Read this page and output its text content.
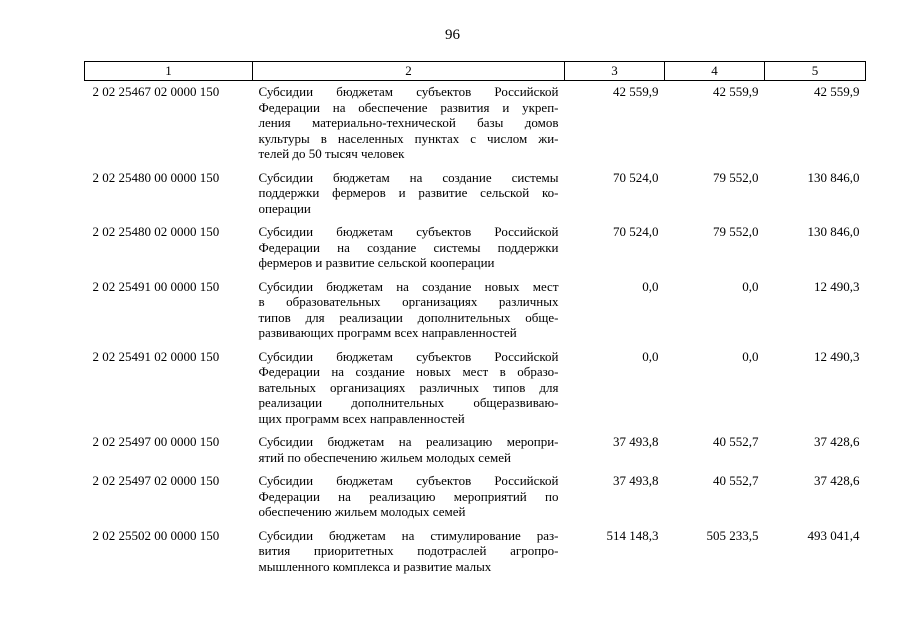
96
1	2	3	4	5
2 02 25467 02 0000 150	Субсидии бюджетам субъектов Российской
Федерации на обеспечение развития и укреп-
ления материально-технической базы домов
культуры в населенных пунктах с числом жи-
телей до 50 тысяч человек	42 559,9	42 559,9	42 559,9
2 02 25480 00 0000 150	Субсидии бюджетам на создание системы
поддержки фермеров и развитие сельской ко-
операции	70 524,0	79 552,0	130 846,0
2 02 25480 02 0000 150	Субсидии бюджетам субъектов Российской
Федерации на создание системы поддержки
фермеров и развитие сельской кооперации	70 524,0	79 552,0	130 846,0
2 02 25491 00 0000 150	Субсидии бюджетам на создание новых мест
в образовательных организациях различных
типов для реализации дополнительных обще-
развивающих программ всех направленностей	0,0	0,0	12 490,3
2 02 25491 02 0000 150	Субсидии бюджетам субъектов Российской
Федерации на создание новых мест в образо-
вательных организациях различных типов для
реализации дополнительных общеразвиваю-
щих программ всех направленностей	0,0	0,0	12 490,3
2 02 25497 00 0000 150	Субсидии бюджетам на реализацию меропри-
ятий по обеспечению жильем молодых семей	37 493,8	40 552,7	37 428,6
2 02 25497 02 0000 150	Субсидии бюджетам субъектов Российской
Федерации на реализацию мероприятий по
обеспечению жильем молодых семей	37 493,8	40 552,7	37 428,6
2 02 25502 00 0000 150	Субсидии бюджетам на стимулирование раз-
вития приоритетных подотраслей агропро-
мышленного комплекса и развитие малых	514 148,3	505 233,5	493 041,4
